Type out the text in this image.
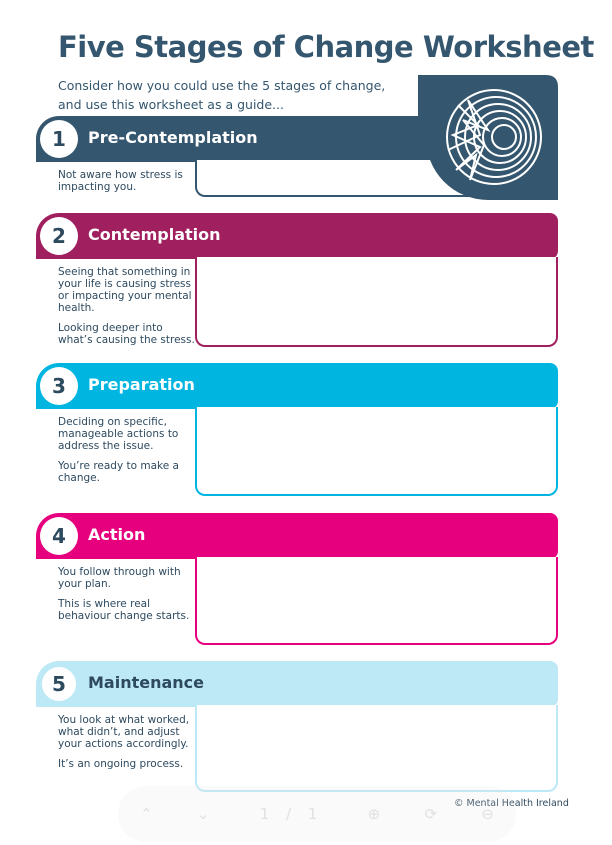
Five Stages of Change Worksheet
Consider how you could use the 5 stages of change,
and use this worksheet as a guide...
1 Pre-Contemplation

Not aware how stress is impacting you.

2 Contemplation

Seeing that something in your life is causing stress or impacting your mental health.

Looking deeper into what’s causing the stress.

3 Preparation

Deciding on specific, manageable actions to address the issue.

You’re ready to make a change.

4 Action

You follow through with your plan.

This is where real behaviour change starts.

5 Maintenance

You look at what worked, what didn’t, and adjust your actions accordingly.

It’s an ongoing process.

© Mental Health Ireland
⌃	⌄	1 / 1	⊕	⟳	⊖
